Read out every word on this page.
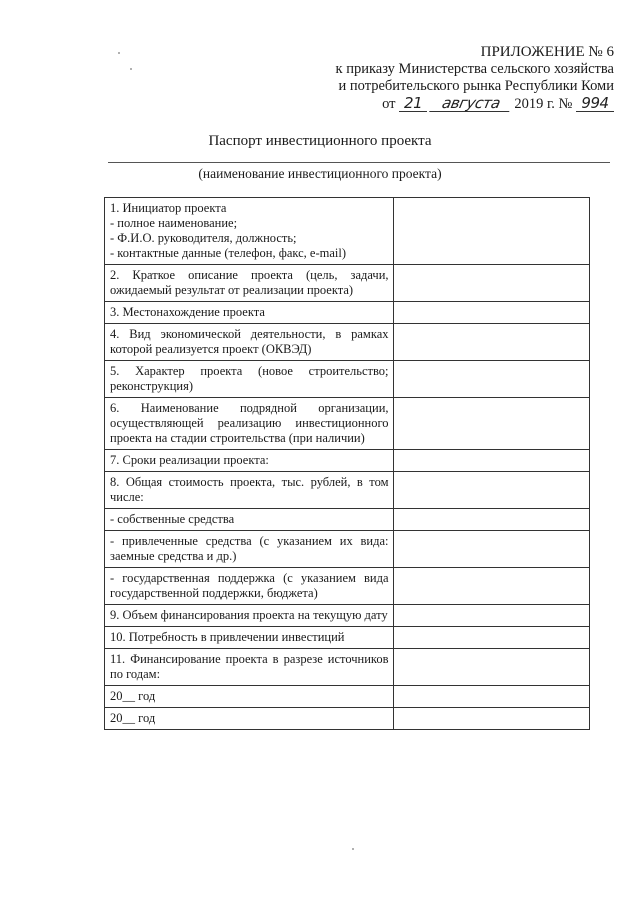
ПРИЛОЖЕНИЕ № 6
к приказу Министерства сельского хозяйства
и потребительского рынка Республики Коми
от 21 августа 2019 г. № 994
Паспорт инвестиционного проекта
(наименование инвестиционного проекта)
1. Инициатор проекта
- полное наименование;
- Ф.И.О. руководителя, должность;
- контактные данные (телефон, факс, e-mail)	

2. Краткое описание проекта (цель, задачи, ожидаемый результат от реализации проекта)	

3. Местонахождение проекта	

4. Вид экономической деятельности, в рамках которой реализуется проект (ОКВЭД)	

5. Характер проекта (новое строительство; реконструкция)	

6. Наименование подрядной организации, осуществляющей реализацию инвестиционного проекта на стадии строительства (при наличии)	

7. Сроки реализации проекта:	

8. Общая стоимость проекта, тыс. рублей, в том числе:	

- собственные средства	

- привлеченные средства (с указанием их вида: заемные средства и др.)	

- государственная поддержка (с указанием вида государственной поддержки, бюджета)	

9. Объем финансирования проекта на текущую дату	

10. Потребность в привлечении инвестиций	

11. Финансирование проекта в разрезе источников по годам:	

20__ год	

20__ год	
